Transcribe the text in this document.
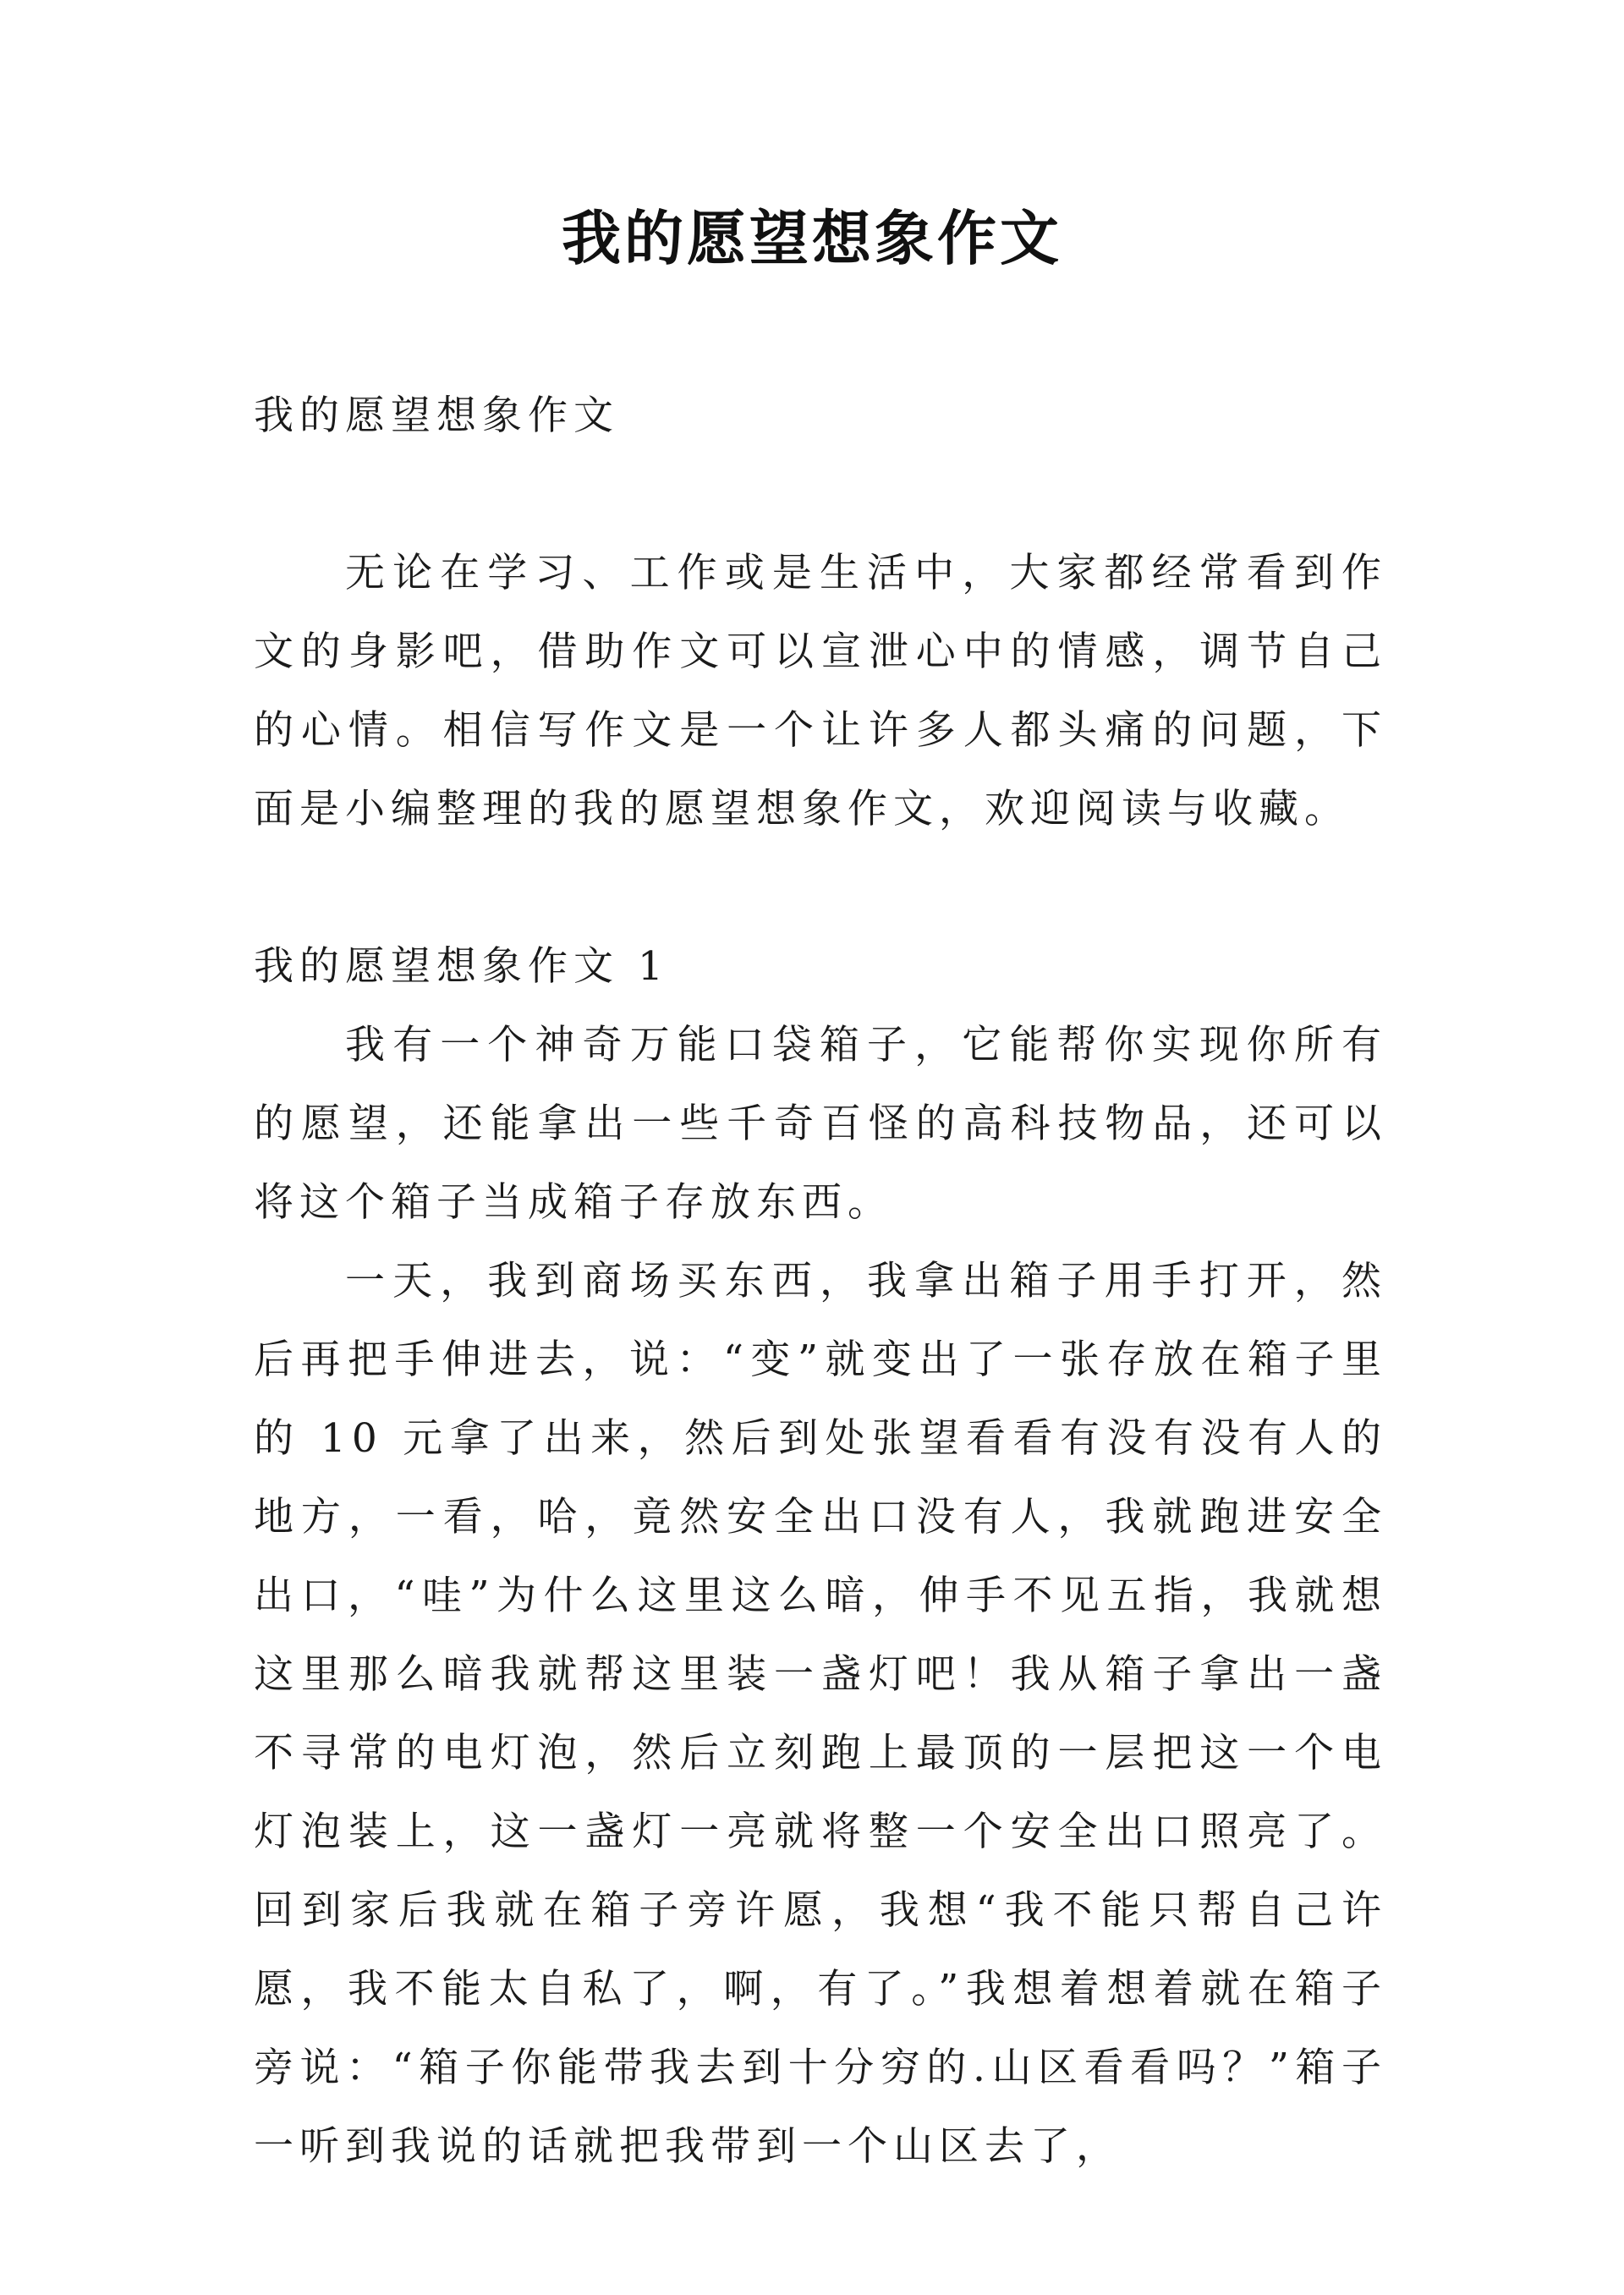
我的愿望想象作文

我的愿望想象作文

无论在学习、工作或是生活中，大家都经常看到作文的身影吧，借助作文可以宣泄心中的情感，调节自己的心情。相信写作文是一个让许多人都头痛的问题，下面是小编整理的我的愿望想象作文，欢迎阅读与收藏。

我的愿望想象作文 1

我有一个神奇万能口袋箱子，它能帮你实现你所有的愿望，还能拿出一些千奇百怪的高科技物品，还可以将这个箱子当成箱子存放东西。

一天，我到商场买东西，我拿出箱子用手打开，然后再把手伸进去，说：“变”就变出了一张存放在箱子里的 10 元拿了出来，然后到处张望看看有没有没有人的地方，一看，哈，竟然安全出口没有人，我就跑进安全出口，“哇”为什么这里这么暗，伸手不见五指，我就想这里那么暗我就帮这里装一盏灯吧！我从箱子拿出一盏不寻常的电灯泡，然后立刻跑上最顶的一层把这一个电灯泡装上，这一盏灯一亮就将整一个安全出口照亮了。回到家后我就在箱子旁许愿，我想“我不能只帮自己许愿，我不能太自私了，啊，有了。”我想着想着就在箱子旁说：“箱子你能带我去到十分穷的.山区看看吗？”箱子一听到我说的话就把我带到一个山区去了，
